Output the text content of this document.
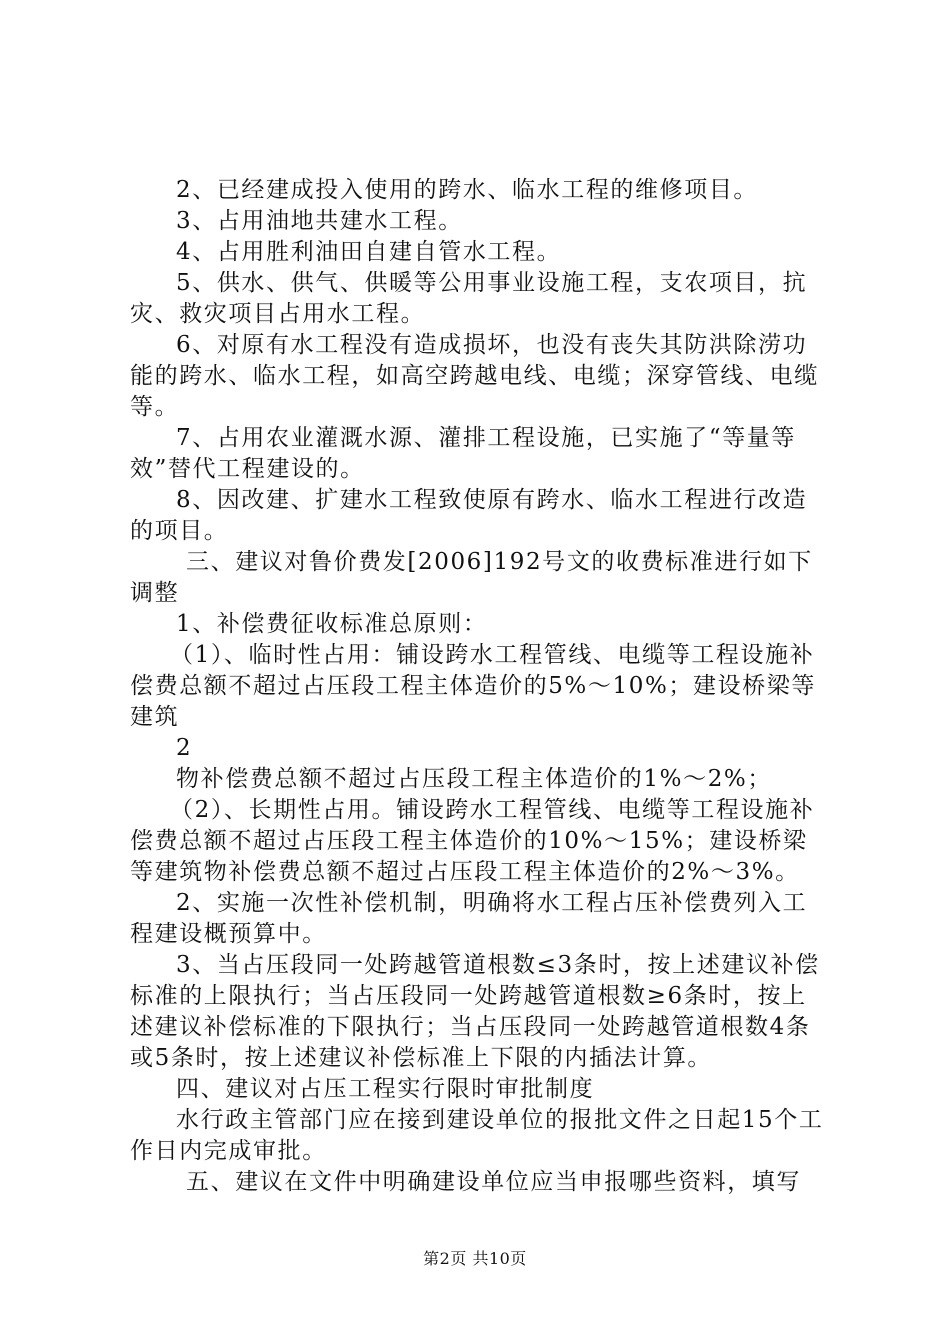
2、已经建成投入使用的跨水、临水工程的维修项目。

3、占用油地共建水工程。

4、占用胜利油田自建自管水工程。

5、供水、供气、供暖等公用事业设施工程，支农项目，抗灾、救灾项目占用水工程。

6、对原有水工程没有造成损坏，也没有丧失其防洪除涝功能的跨水、临水工程，如高空跨越电线、电缆；深穿管线、电缆等。

7、占用农业灌溉水源、灌排工程设施，已实施了“等量等效”替代工程建设的。

8、因改建、扩建水工程致使原有跨水、临水工程进行改造的项目。

三、建议对鲁价费发[2006]192号文的收费标准进行如下调整

1、补偿费征收标准总原则：

（1）、临时性占用：铺设跨水工程管线、电缆等工程设施补偿费总额不超过占压段工程主体造价的5%～10%；建设桥梁等建筑

2

物补偿费总额不超过占压段工程主体造价的1%～2%；

（2）、长期性占用。铺设跨水工程管线、电缆等工程设施补偿费总额不超过占压段工程主体造价的10%～15%；建设桥梁等建筑物补偿费总额不超过占压段工程主体造价的2%～3%。

2、实施一次性补偿机制，明确将水工程占压补偿费列入工程建设概预算中。

3、当占压段同一处跨越管道根数≤3条时，按上述建议补偿标准的上限执行；当占压段同一处跨越管道根数≥6条时，按上述建议补偿标准的下限执行；当占压段同一处跨越管道根数4条或5条时，按上述建议补偿标准上下限的内插法计算。

四、建议对占压工程实行限时审批制度

水行政主管部门应在接到建设单位的报批文件之日起15个工作日内完成审批。

五、建议在文件中明确建设单位应当申报哪些资料，填写

第2页 共10页
